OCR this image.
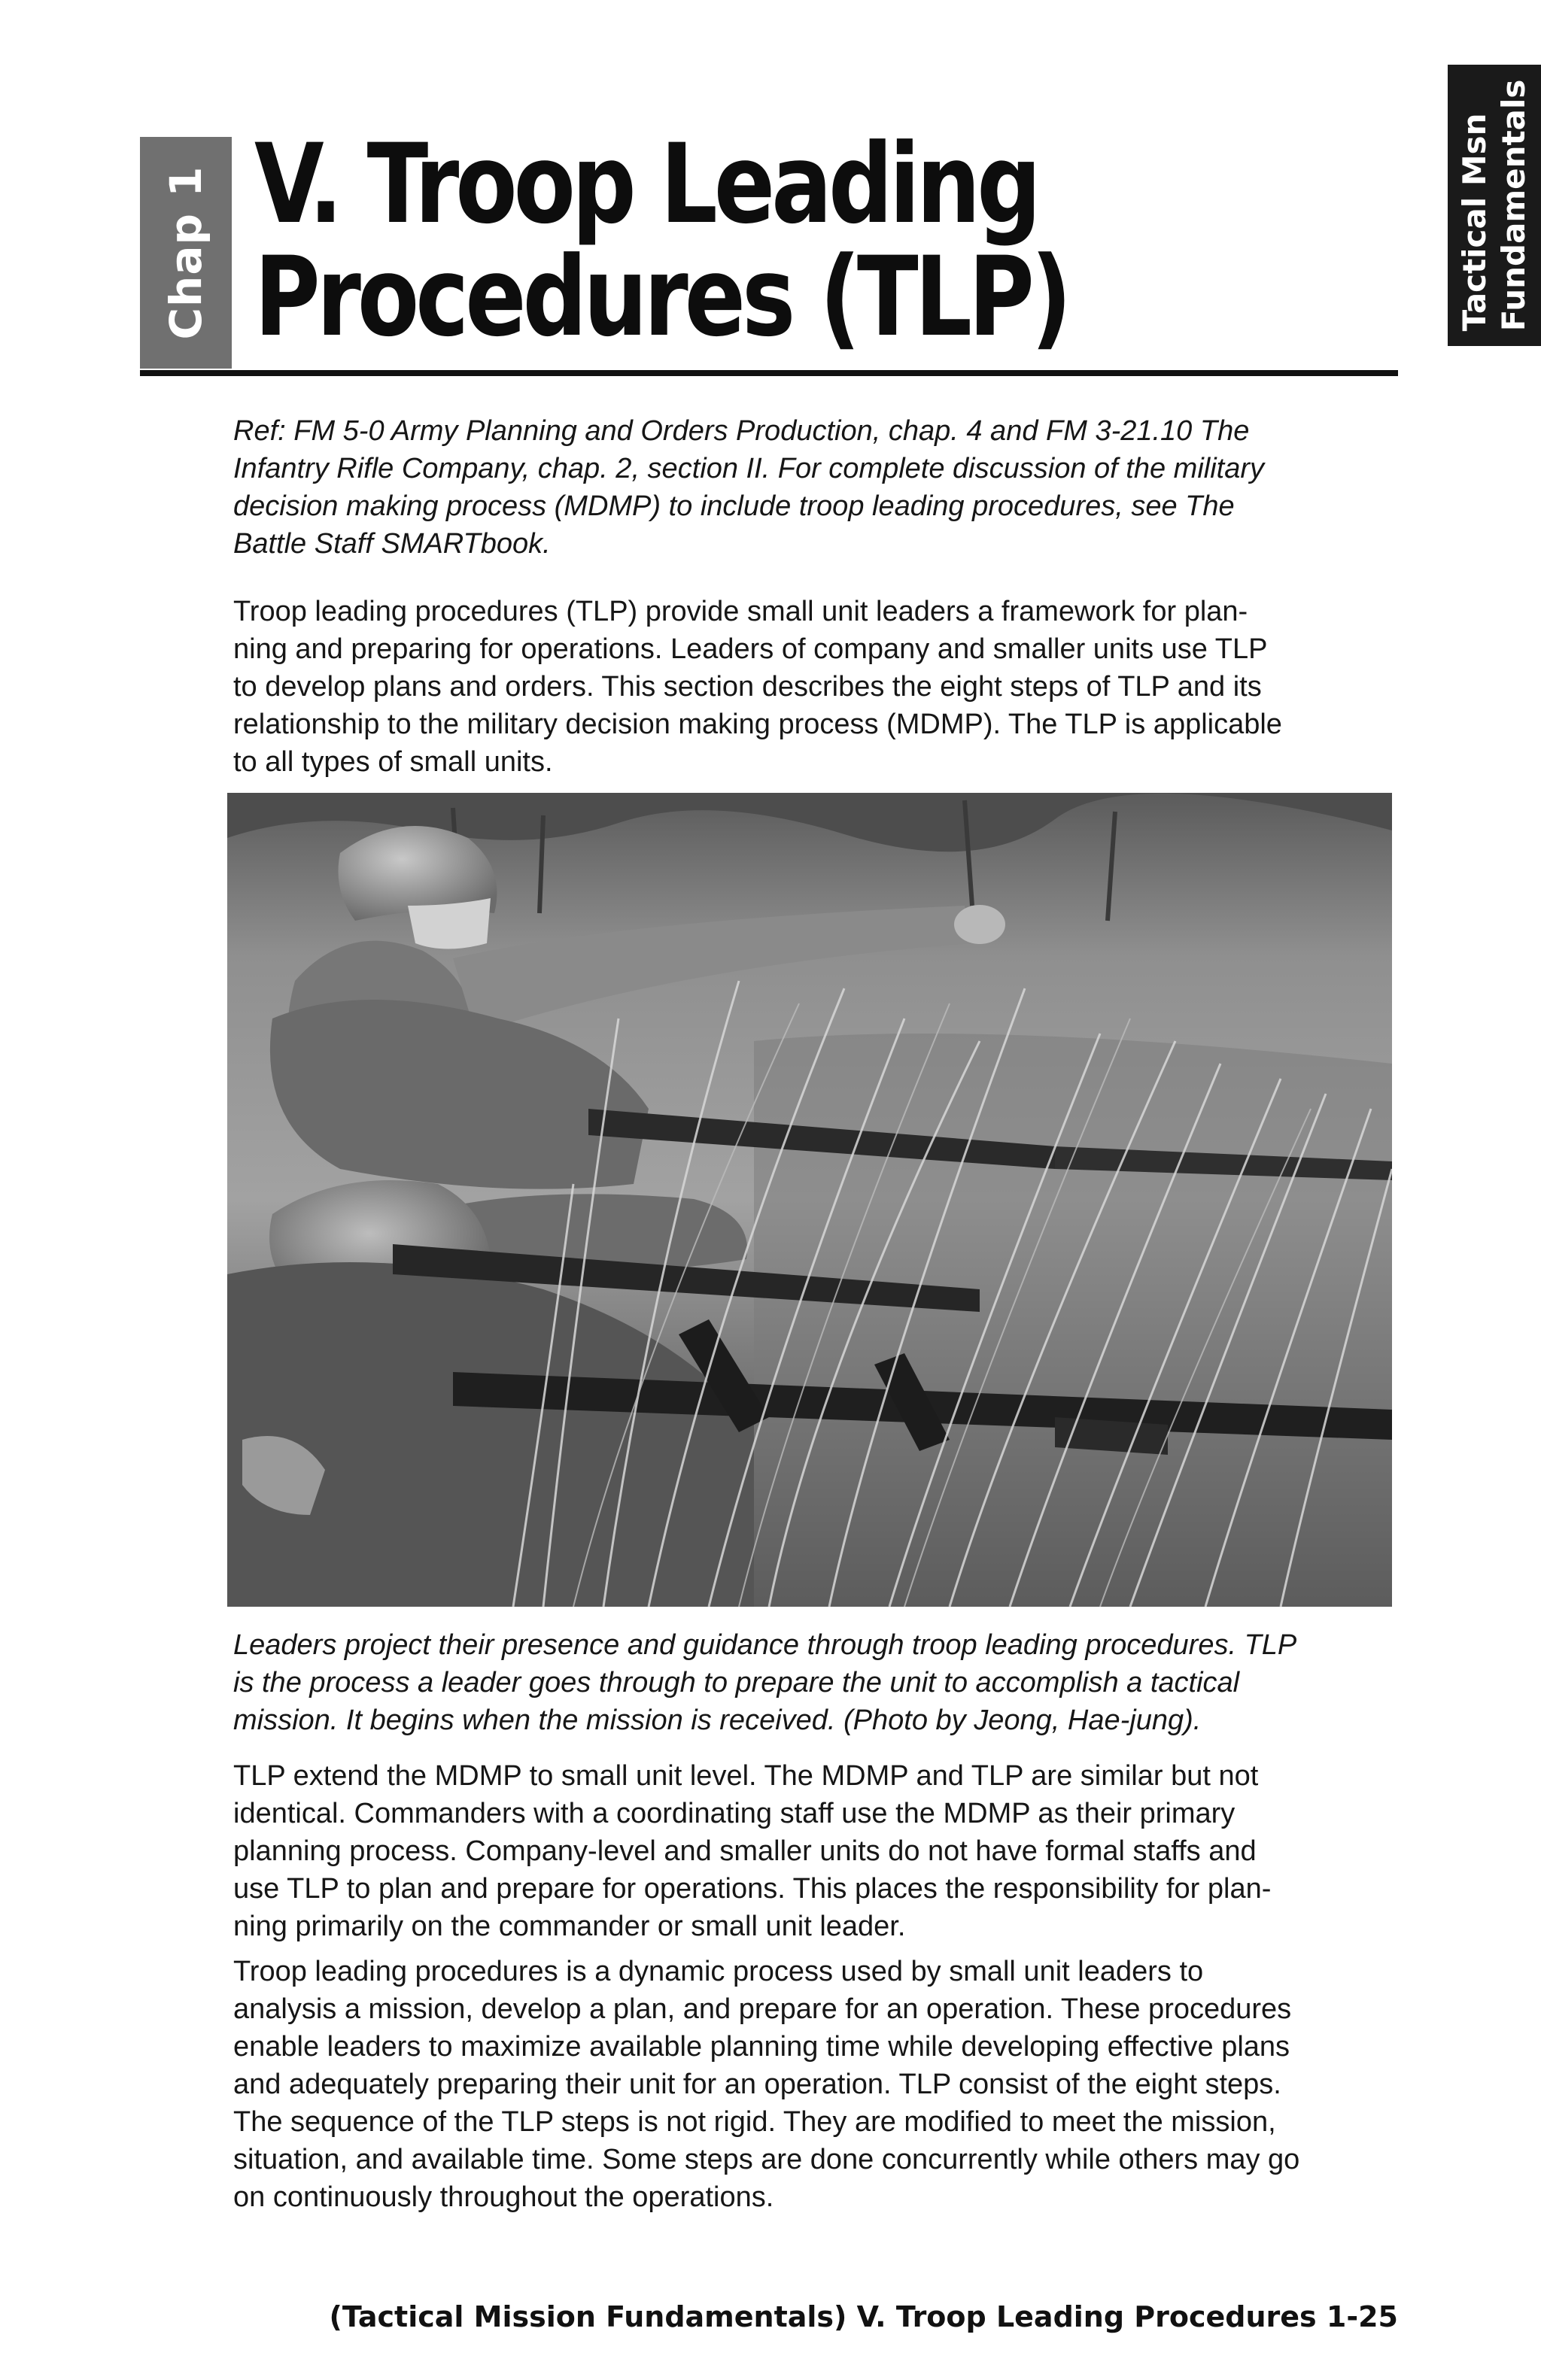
Chap 1	Tactical Msn Fundamentals
V. Troop Leading
Procedures (TLP)

Ref: FM 5-0 Army Planning and Orders Production, chap. 4 and FM 3-21.10 The

Infantry Rifle Company, chap. 2, section II. For complete discussion of the military

decision making process (MDMP) to include troop leading procedures, see The

Battle Staff SMARTbook.

Troop leading procedures (TLP) provide small unit leaders a framework for plan-

ning and preparing for operations. Leaders of company and smaller units use TLP

to develop plans and orders. This section describes the eight steps of TLP and its

relationship to the military decision making process (MDMP). The TLP is applicable

to all types of small units.

Leaders project their presence and guidance through troop leading procedures. TLP

is the process a leader goes through to prepare the unit to accomplish a tactical

mission. It begins when the mission is received. (Photo by Jeong, Hae-jung).

TLP extend the MDMP to small unit level. The MDMP and TLP are similar but not
identical. Commanders with a coordinating staff use the MDMP as their primary
planning process. Company-level and smaller units do not have formal staffs and
use TLP to plan and prepare for operations. This places the responsibility for plan-
ning primarily on the commander or small unit leader.

Troop leading procedures is a dynamic process used by small unit leaders to
analysis a mission, develop a plan, and prepare for an operation. These procedures
enable leaders to maximize available planning time while developing effective plans
and adequately preparing their unit for an operation. TLP consist of the eight steps.
The sequence of the TLP steps is not rigid. They are modified to meet the mission,
situation, and available time. Some steps are done concurrently while others may go
on continuously throughout the operations.

(Tactical Mission Fundamentals) V. Troop Leading Procedures 1-25
